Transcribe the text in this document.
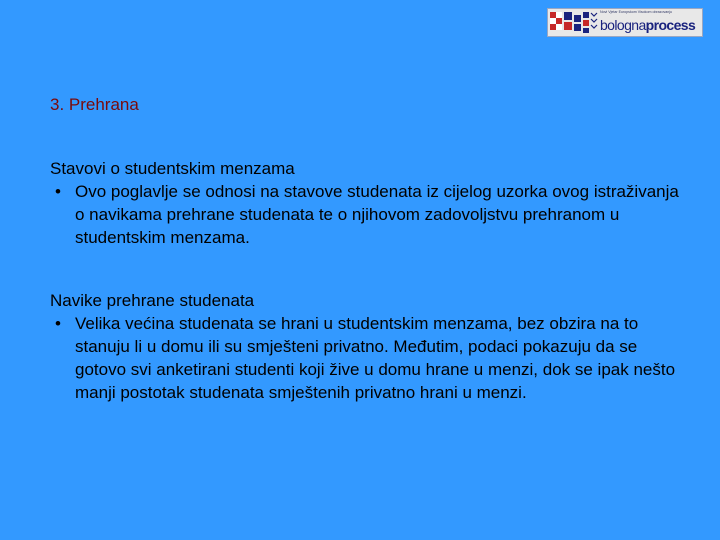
Novi Vjetar Europskom Visokom obrazovanju
bolognaprocess
3. Prehrana

Stavovi o studentskim menzama

• Ovo poglavlje se odnosi na stavove studenata iz cijelog uzorka ovog istraživanja o navikama prehrane studenata te o njihovom zadovoljstvu prehranom u studentskim menzama.

Navike prehrane studenata

• Velika većina studenata se hrani u studentskim menzama, bez obzira na to stanuju li u domu ili su smješteni privatno. Međutim, podaci pokazuju da se gotovo svi anketirani studenti koji žive u domu hrane u menzi, dok se ipak nešto manji postotak studenata smještenih privatno hrani u menzi.
